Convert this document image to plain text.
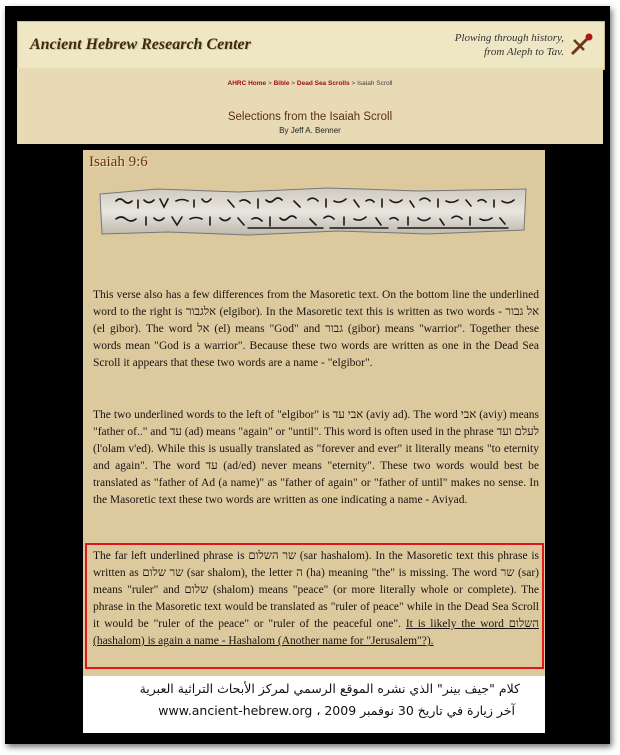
Ancient Hebrew Research Center	Plowing through history,
from Aleph to Tav.
AHRC Home > Bible > Dead Sea Scrolls > Isaiah Scroll
Selections from the Isaiah Scroll
By Jeff A. Benner
Isaiah 9:6

This verse also has a few differences from the Masoretic text. On the bottom line the underlined word to the right is אלגבור (elgibor). In the Masoretic text this is written as two words - אל גבור (el gibor). The word אל (el) means "God" and גבור (gibor) means "warrior". Together these words mean "God is a warrior". Because these two words are written as one in the Dead Sea Scroll it appears that these two words are a name - "elgibor".

The two underlined words to the left of "elgibor" is אבי עד (aviy ad). The word אבי (aviy) means "father of.." and עד (ad) means "again" or "until". This word is often used in the phrase לעלם ועד (l'olam v'ed). While this is usually translated as "forever and ever" it literally means "to eternity and again". The word עד (ad/ed) never means "eternity". These two words would best be translated as "father of Ad (a name)" as "father of again" or "father of until" makes no sense. In the Masoretic text these two words are written as one indicating a name - Aviyad.

The far left underlined phrase is שר השלום (sar hashalom). In the Masoretic text this phrase is written as שר שלום (sar shalom), the letter ה (ha) meaning "the" is missing. The word שר (sar) means "ruler" and שלום (shalom) means "peace" (or more literally whole or complete). The phrase in the Masoretic text would be translated as "ruler of peace" while in the Dead Sea Scroll it would be "ruler of the peace" or "ruler of the peaceful one". It is likely the word השלום (hashalom) is again a name - Hashalom (Another name for "Jerusalem"?).

كلام "جيف بينر" الذي نشره الموقع الرسمي لمركز الأبحاث التراثية العبرية
www.ancient-hebrew.org ، آخر زيارة في تاريخ 30 نوفمبر 2009
